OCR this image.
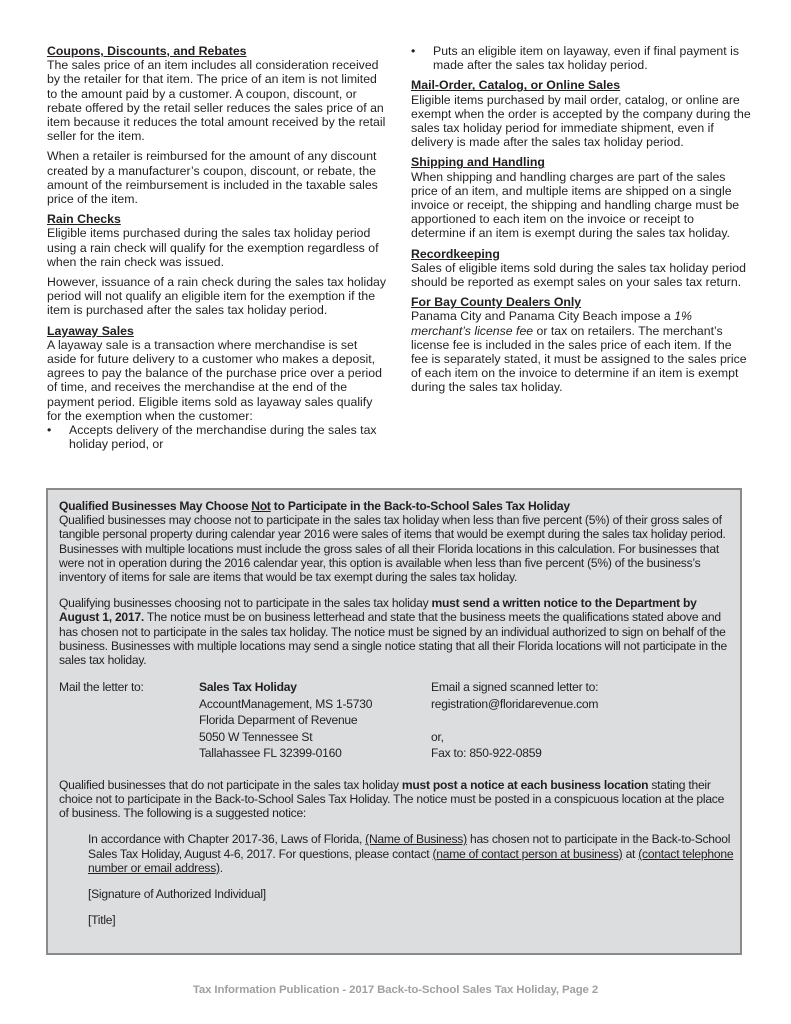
Coupons, Discounts, and Rebates

The sales price of an item includes all consideration received by the retailer for that item. The price of an item is not limited to the amount paid by a customer. A coupon, discount, or rebate offered by the retail seller reduces the sales price of an item because it reduces the total amount received by the retail seller for the item.

When a retailer is reimbursed for the amount of any discount created by a manufacturer’s coupon, discount, or rebate, the amount of the reimbursement is included in the taxable sales price of the item.

Rain Checks

Eligible items purchased during the sales tax holiday period using a rain check will qualify for the exemption regardless of when the rain check was issued.

However, issuance of a rain check during the sales tax holiday period will not qualify an eligible item for the exemption if the item is purchased after the sales tax holiday period.

Layaway Sales

A layaway sale is a transaction where merchandise is set aside for future delivery to a customer who makes a deposit, agrees to pay the balance of the purchase price over a period of time, and receives the merchandise at the end of the payment period. Eligible items sold as layaway sales qualify for the exemption when the customer:

• Accepts delivery of the merchandise during the sales tax holiday period, or
• Puts an eligible item on layaway, even if final payment is made after the sales tax holiday period.

Mail-Order, Catalog, or Online Sales

Eligible items purchased by mail order, catalog, or online are exempt when the order is accepted by the company during the sales tax holiday period for immediate shipment, even if delivery is made after the sales tax holiday period.

Shipping and Handling

When shipping and handling charges are part of the sales price of an item, and multiple items are shipped on a single invoice or receipt, the shipping and handling charge must be apportioned to each item on the invoice or receipt to determine if an item is exempt during the sales tax holiday.

Recordkeeping

Sales of eligible items sold during the sales tax holiday period should be reported as exempt sales on your sales tax return.

For Bay County Dealers Only

Panama City and Panama City Beach impose a 1% merchant’s license fee or tax on retailers. The merchant’s license fee is included in the sales price of each item. If the fee is separately stated, it must be assigned to the sales price of each item on the invoice to determine if an item is exempt during the sales tax holiday.

Qualified Businesses May Choose Not to Participate in the Back-to-School Sales Tax Holiday

Qualified businesses may choose not to participate in the sales tax holiday when less than five percent (5%) of their gross sales of tangible personal property during calendar year 2016 were sales of items that would be exempt during the sales tax holiday period. Businesses with multiple locations must include the gross sales of all their Florida locations in this calculation. For businesses that were not in operation during the 2016 calendar year, this option is available when less than five percent (5%) of the business’s inventory of items for sale are items that would be tax exempt during the sales tax holiday.

Qualifying businesses choosing not to participate in the sales tax holiday must send a written notice to the Department by August 1, 2017. The notice must be on business letterhead and state that the business meets the qualifications stated above and has chosen not to participate in the sales tax holiday. The notice must be signed by an individual authorized to sign on behalf of the business. Businesses with multiple locations may send a single notice stating that all their Florida locations will not participate in the sales tax holiday.

Mail the letter to:	Sales Tax Holiday
AccountManagement, MS 1-5730
Florida Deparment of Revenue
5050 W Tennessee St
Tallahassee FL 32399-0160
Email a signed scanned letter to:
registration@floridarevenue.com

or,
Fax to: 850-922-0859

Qualified businesses that do not participate in the sales tax holiday must post a notice at each business location stating their choice not to participate in the Back-to-School Sales Tax Holiday. The notice must be posted in a conspicuous location at the place of business. The following is a suggested notice:

In accordance with Chapter 2017-36, Laws of Florida, (Name of Business) has chosen not to participate in the Back-to-School Sales Tax Holiday, August 4-6, 2017. For questions, please contact (name of contact person at business) at (contact telephone number or email address).

[Signature of Authorized Individual]

[Title]

Tax Information Publication - 2017 Back-to-School Sales Tax Holiday, Page 2
